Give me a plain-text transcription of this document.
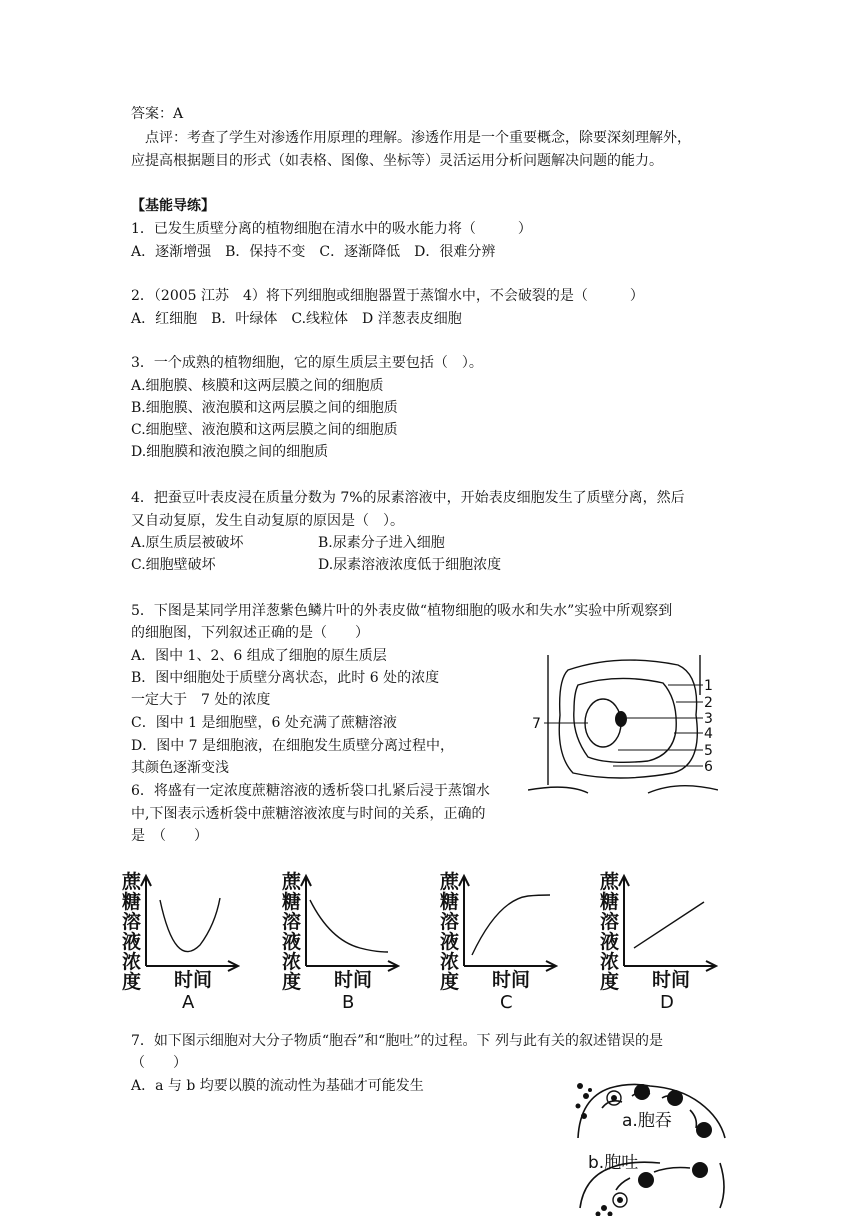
答案：A
点评：考查了学生对渗透作用原理的理解。渗透作用是一个重要概念，除要深刻理解外，
应提高根据题目的形式（如表格、图像、坐标等）灵活运用分析问题解决问题的能力。
【基能导练】
1．已发生质壁分离的植物细胞在清水中的吸水能力将（　　　）
A．逐渐增强　B．保持不变　C．逐渐降低　D．很难分辨
2．（2005 江苏　4）将下列细胞或细胞器置于蒸馏水中，不会破裂的是（　　　）
A．红细胞　B．叶绿体　C.线粒体　D 洋葱表皮细胞
3．一个成熟的植物细胞，它的原生质层主要包括（　）。
A.细胞膜、核膜和这两层膜之间的细胞质
B.细胞膜、液泡膜和这两层膜之间的细胞质
C.细胞壁、液泡膜和这两层膜之间的细胞质
D.细胞膜和液泡膜之间的细胞质
4．把蚕豆叶表皮浸在质量分数为 7%的尿素溶液中，开始表皮细胞发生了质壁分离，然后
又自动复原，发生自动复原的原因是（　）。
A.原生质层被破坏	B.尿素分子进入细胞
C.细胞壁破坏	D.尿素溶液浓度低于细胞浓度
5．下图是某同学用洋葱紫色鳞片叶的外表皮做“植物细胞的吸水和失水”实验中所观察到
的细胞图，下列叙述正确的是（　　）
A．图中 1、2、6 组成了细胞的原生质层
B．图中细胞处于质壁分离状态，此时 6 处的浓度
一定大于　7 处的浓度
C．图中 1 是细胞壁，6 处充满了蔗糖溶液
D．图中 7 是细胞液，在细胞发生质壁分离过程中，
其颜色逐渐变浅
1
2
3
4
5
6
7
6．将盛有一定浓度蔗糖溶液的透析袋口扎紧后浸于蒸馏水
中,下图表示透析袋中蔗糖溶液浓度与时间的关系，正确的
是　（　　）
蔗
糖
溶
液
浓
度 时间
A
蔗
糖
溶
液
浓
度 时间
B
蔗
糖
溶
液
浓
度 时间
C
蔗
糖
溶
液
浓
度 时间
D
7．如下图示细胞对大分子物质“胞吞”和“胞吐”的过程。下 列与此有关的叙述错误的是
（　　）
A．a 与 b 均要以膜的流动性为基础才可能发生
a.胞吞
b.胞吐
